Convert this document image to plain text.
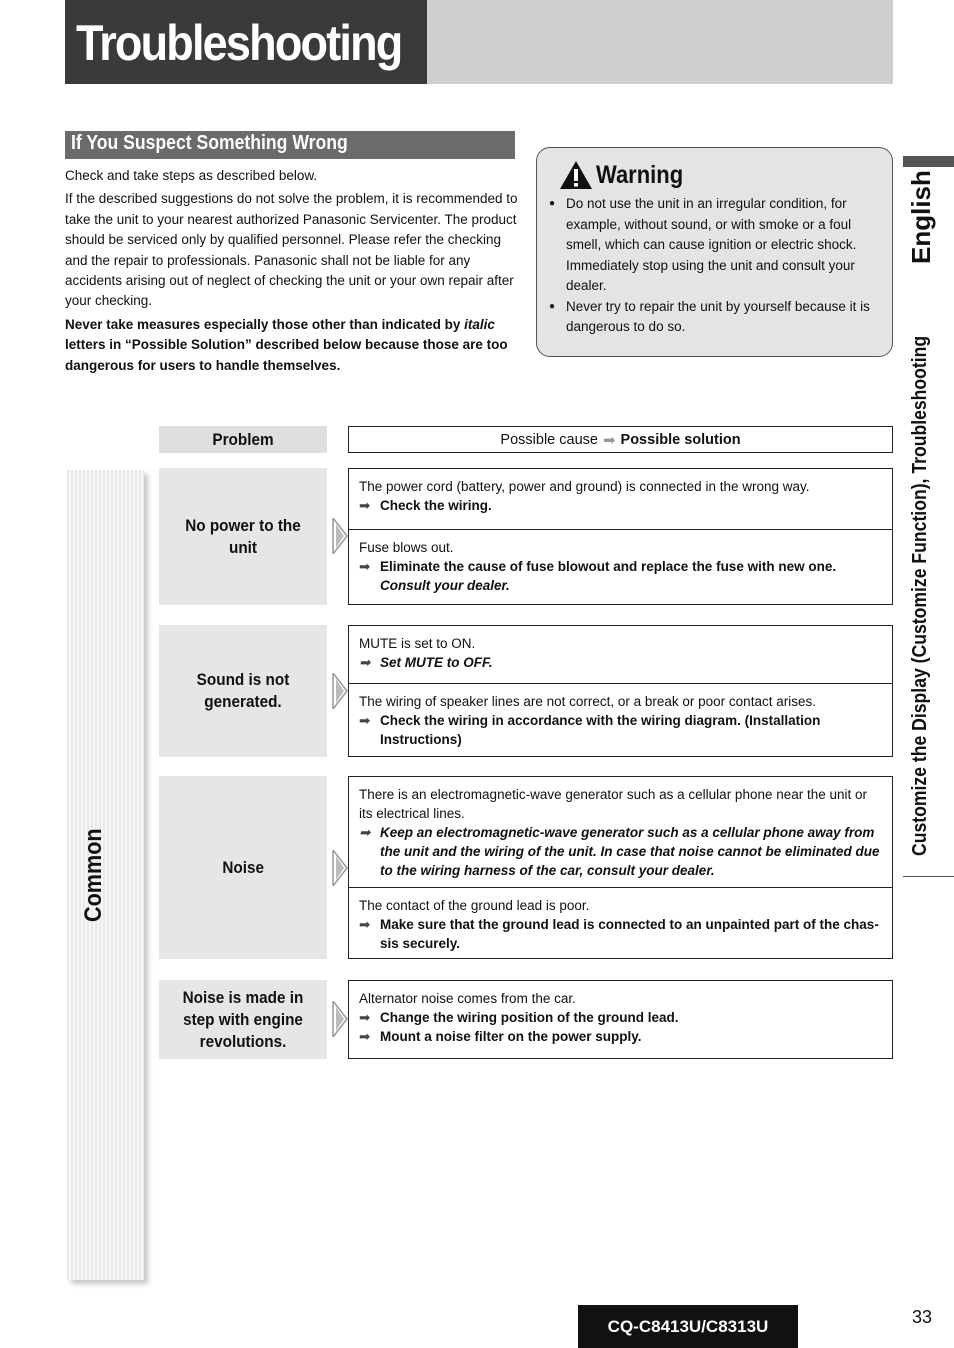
Troubleshooting
If You Suspect Something Wrong

Check and take steps as described below.

If the described suggestions do not solve the problem, it is recommended to take the unit to your nearest authorized Panasonic Servicenter. The product should be serviced only by qualified personnel. Please refer the checking and the repair to professionals. Panasonic shall not be liable for any accidents arising out of neglect of checking the unit or your own repair after your checking.

Never take measures especially those other than indicated by italic letters in “Possible Solution” described below because those are too dangerous for users to handle themselves.

Warning
● Do not use the unit in an irregular condition, for example, without sound, or with smoke or a foul smell, which can cause ignition or electric shock. Immediately stop using the unit and consult your dealer.
● Never try to repair the unit by yourself because it is dangerous to do so.
English
Customize the Display (Customize Function), Troubleshooting
Common
Problem	Possible cause ➡ Possible solution
No power to the unit
The power cord (battery, power and ground) is connected in the wrong way.
➡ Check the wiring.
Fuse blows out.
➡ Eliminate the cause of fuse blowout and replace the fuse with new one.
Consult your dealer.
Sound is not generated.
MUTE is set to ON.
➡ Set MUTE to OFF.
The wiring of speaker lines are not correct, or a break or poor contact arises.
➡ Check the wiring in accordance with the wiring diagram. (Installation Instructions)
Noise
There is an electromagnetic-wave generator such as a cellular phone near the unit or its electrical lines.
➡ Keep an electromagnetic-wave generator such as a cellular phone away from the unit and the wiring of the unit. In case that noise cannot be eliminated due to the wiring harness of the car, consult your dealer.
The contact of the ground lead is poor.
➡ Make sure that the ground lead is connected to an unpainted part of the chas-sis securely.
Noise is made in step with engine revolutions.
Alternator noise comes from the car.
➡ Change the wiring position of the ground lead.
➡ Mount a noise filter on the power supply.
CQ-C8413U/C8313U	33
